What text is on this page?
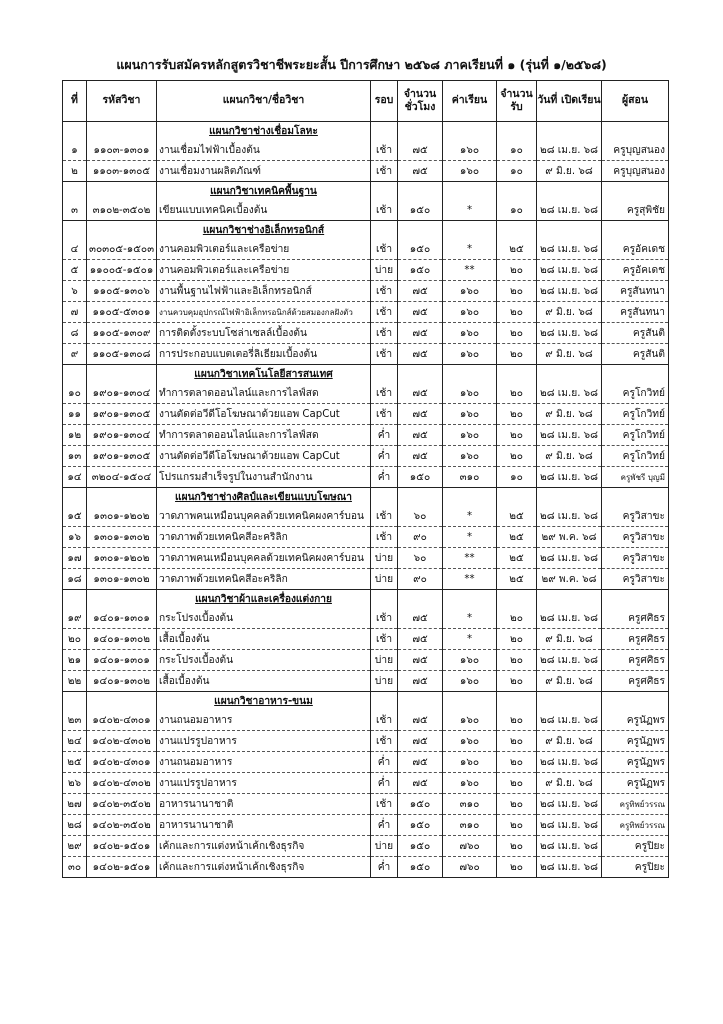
แผนการรับสมัครหลักสูตรวิชาชีพระยะสั้น ปีการศึกษา ๒๕๖๘ ภาคเรียนที่ ๑ (รุ่นที่ ๑/๒๕๖๘)
ที่	รหัสวิชา	แผนกวิชา/ชื่อวิชา	รอบ	จำนวน ชั่วโมง	ค่าเรียน	จำนวน รับ	วันที่ เปิดเรียน	ผู้สอน
		แผนกวิชาช่างเชื่อมโลหะ						
๑	๑๑๐๓-๑๓๐๑	งานเชื่อมไฟฟ้าเบื้องต้น	เช้า	๗๕	๑๖๐	๑๐	๒๘ เม.ย. ๖๘	ครูบุญสนอง
๒	๑๑๐๓-๑๓๐๕	งานเชื่อมงานผลิตภัณฑ์	เช้า	๗๕	๑๖๐	๑๐	๙ มิ.ย. ๖๘	ครูบุญสนอง
		แผนกวิชาเทคนิคพื้นฐาน						
๓	๓๑๐๒-๓๕๐๒	เขียนแบบเทคนิคเบื้องต้น	เช้า	๑๕๐	*	๑๐	๒๘ เม.ย. ๖๘	ครูสุพิชัย
		แผนกวิชาช่างอิเล็กทรอนิกส์						
๔	๓๐๓๐๕-๑๕๐๓	งานคอมพิวเตอร์และเครือข่าย	เช้า	๑๕๐	*	๒๕	๒๘ เม.ย. ๖๘	ครูอัคเดช
๕	๑๑๐๐๕-๑๕๐๑	งานคอมพิวเตอร์และเครือข่าย	บ่าย	๑๕๐	**	๒๐	๒๘ เม.ย. ๖๘	ครูอัคเดช
๖	๑๑๐๕-๑๓๐๖	งานพื้นฐานไฟฟ้าและอิเล็กทรอนิกส์	เช้า	๗๕	๑๖๐	๒๐	๒๘ เม.ย. ๖๘	ครูสันทนา
๗	๑๑๐๕-๕๓๐๑	งานควบคุมอุปกรณ์ไฟฟ้าอิเล็กทรอนิกส์ด้วยสมองกลฝังตัว	เช้า	๗๕	๑๖๐	๒๐	๙ มิ.ย. ๖๘	ครูสันทนา
๘	๑๑๐๕-๑๓๐๙	การติดตั้งระบบโซล่าเซลล์เบื้องต้น	เช้า	๗๕	๑๖๐	๒๐	๒๘ เม.ย. ๖๘	ครูสันติ
๙	๑๑๐๕-๑๓๐๘	การประกอบแบตเตอรี่ลิเธียมเบื้องต้น	เช้า	๗๕	๑๖๐	๒๐	๙ มิ.ย. ๖๘	ครูสันติ
		แผนกวิชาเทคโนโลยีสารสนเทศ						
๑๐	๑๙๐๑-๑๓๐๔	ทำการตลาดออนไลน์และการไลฟ์สด	เช้า	๗๕	๑๖๐	๒๐	๒๘ เม.ย. ๖๘	ครูโกวิทย์
๑๑	๑๙๐๑-๑๓๐๕	งานตัดต่อวีดีโอโฆษณาด้วยแอพ CapCut	เช้า	๗๕	๑๖๐	๒๐	๙ มิ.ย. ๖๘	ครูโกวิทย์
๑๒	๑๙๐๑-๑๓๐๔	ทำการตลาดออนไลน์และการไลฟ์สด	ค่ำ	๗๕	๑๖๐	๒๐	๒๘ เม.ย. ๖๘	ครูโกวิทย์
๑๓	๑๙๐๑-๑๓๐๕	งานตัดต่อวีดีโอโฆษณาด้วยแอพ CapCut	ค่ำ	๗๕	๑๖๐	๒๐	๙ มิ.ย. ๖๘	ครูโกวิทย์
๑๔	๓๒๐๔-๑๕๐๔	โปรแกรมสำเร็จรูปในงานสำนักงาน	ค่ำ	๑๕๐	๓๑๐	๑๐	๒๘ เม.ย. ๖๘	ครูพัชรี บุญมี
		แผนกวิชาช่างศิลป์และเขียนแบบโฆษณา						
๑๕	๑๓๐๑-๑๒๐๒	วาดภาพคนเหมือนบุคคลด้วยเทคนิคผงคาร์บอน	เช้า	๖๐	*	๒๕	๒๘ เม.ย. ๖๘	ครูวิสาขะ
๑๖	๑๓๐๑-๑๓๐๒	วาดภาพด้วยเทคนิคสีอะคริลิก	เช้า	๙๐	*	๒๕	๒๙ พ.ค. ๖๘	ครูวิสาขะ
๑๗	๑๓๐๑-๑๒๐๒	วาดภาพคนเหมือนบุคคลด้วยเทคนิคผงคาร์บอน	บ่าย	๖๐	**	๒๕	๒๘ เม.ย. ๖๘	ครูวิสาขะ
๑๘	๑๓๐๑-๑๓๐๒	วาดภาพด้วยเทคนิคสีอะคริลิก	บ่าย	๙๐	**	๒๕	๒๙ พ.ค. ๖๘	ครูวิสาขะ
		แผนกวิชาผ้าและเครื่องแต่งกาย						
๑๙	๑๔๐๑-๑๓๐๑	กระโปรงเบื้องต้น	เช้า	๗๕	*	๒๐	๒๘ เม.ย. ๖๘	ครูศศิธร
๒๐	๑๔๐๑-๑๓๐๒	เสื้อเบื้องต้น	เช้า	๗๕	*	๒๐	๙ มิ.ย. ๖๘	ครูศศิธร
๒๑	๑๔๐๑-๑๓๐๑	กระโปรงเบื้องต้น	บ่าย	๗๕	๑๖๐	๒๐	๒๘ เม.ย. ๖๘	ครูศศิธร
๒๒	๑๔๐๑-๑๓๐๒	เสื้อเบื้องต้น	บ่าย	๗๕	๑๖๐	๒๐	๙ มิ.ย. ๖๘	ครูศศิธร
		แผนกวิชาอาหาร-ขนม						
๒๓	๑๔๐๒-๔๓๐๑	งานถนอมอาหาร	เช้า	๗๕	๑๖๐	๒๐	๒๘ เม.ย. ๖๘	ครูนัฏพร
๒๔	๑๔๐๒-๔๓๐๒	งานแปรรูปอาหาร	เช้า	๗๕	๑๖๐	๒๐	๙ มิ.ย. ๖๘	ครูนัฏพร
๒๕	๑๔๐๒-๔๓๐๑	งานถนอมอาหาร	ค่ำ	๗๕	๑๖๐	๒๐	๒๘ เม.ย. ๖๘	ครูนัฏพร
๒๖	๑๔๐๒-๔๓๐๒	งานแปรรูปอาหาร	ค่ำ	๗๕	๑๖๐	๒๐	๙ มิ.ย. ๖๘	ครูนัฏพร
๒๗	๑๔๐๒-๓๕๐๒	อาหารนานาชาติ	เช้า	๑๕๐	๓๑๐	๒๐	๒๘ เม.ย. ๖๘	ครูทิพย์วรรณ
๒๘	๑๔๐๒-๓๕๐๒	อาหารนานาชาติ	ค่ำ	๑๕๐	๓๑๐	๒๐	๒๘ เม.ย. ๖๘	ครูทิพย์วรรณ
๒๙	๑๔๐๒-๑๕๐๑	เค้กและการแต่งหน้าเค้กเชิงธุรกิจ	บ่าย	๑๕๐	๗๖๐	๒๐	๒๘ เม.ย. ๖๘	ครูปิยะ
๓๐	๑๔๐๒-๑๕๐๑	เค้กและการแต่งหน้าเค้กเชิงธุรกิจ	ค่ำ	๑๕๐	๗๖๐	๒๐	๒๘ เม.ย. ๖๘	ครูปิยะ
